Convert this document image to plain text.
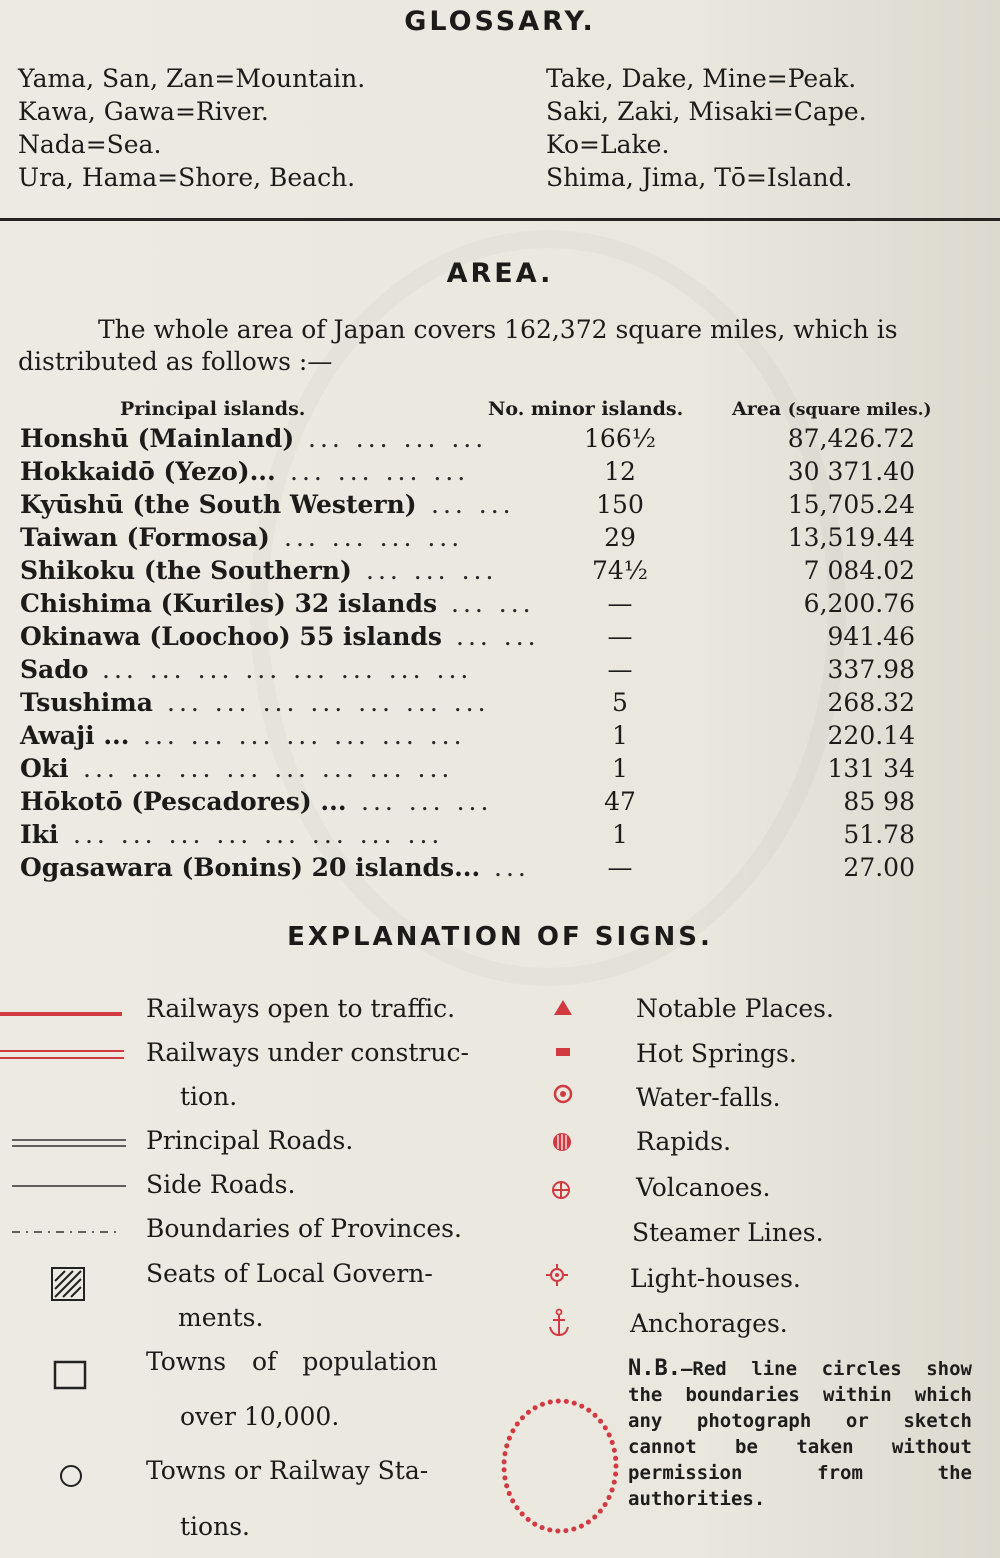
GLOSSARY.
Yama, San, Zan=Mountain.
Kawa, Gawa=River.
Nada=Sea.
Ura, Hama=Shore, Beach.
Take, Dake, Mine=Peak.
Saki, Zaki, Misaki=Cape.
Ko=Lake.
Shima, Jima, Tō=Island.
AREA.
The whole area of Japan covers 162,372 square miles, which is distributed as follows :—
Principal islands.	No. minor islands.	Area (square miles.)
Honshū (Mainland) ... ... ... ...	166½	87,426.72
Hokkaidō (Yezo)... ... ... ... ...	12	30 371.40
Kyūshū (the South Western) ... ...	150	15,705.24
Taiwan (Formosa) ... ... ... ...	29	13,519.44
Shikoku (the Southern) ... ... ...	74½	7 084.02
Chishima (Kuriles) 32 islands ... ...	—	6,200.76
Okinawa (Loochoo) 55 islands ... ...	—	941.46
Sado ... ... ... ... ... ... ... ...	—	337.98
Tsushima ... ... ... ... ... ... ...	5	268.32
Awaji ... ... ... ... ... ... ... ...	1	220.14
Oki ... ... ... ... ... ... ... ...	1	131 34
Hōkotō (Pescadores) ... ... ... ...	47	85 98
Iki ... ... ... ... ... ... ... ...	1	51.78
Ogasawara (Bonins) 20 islands... ...	—	27.00
EXPLANATION OF SIGNS.
Railways open to traffic.
Railways under construc-
tion.
Principal Roads.
Side Roads.
Boundaries of Provinces.
Seats of Local Govern-
ments.
Towns of population
over 10,000.
Towns or Railway Sta-
tions.
Notable Places.
Hot Springs.
Water-falls.
Rapids.
Volcanoes.
Steamer Lines.
Light-houses.
Anchorages.
N.B.—Red line circles show the boundaries within which any photograph or sketch cannot be taken without permission from the authorities.
